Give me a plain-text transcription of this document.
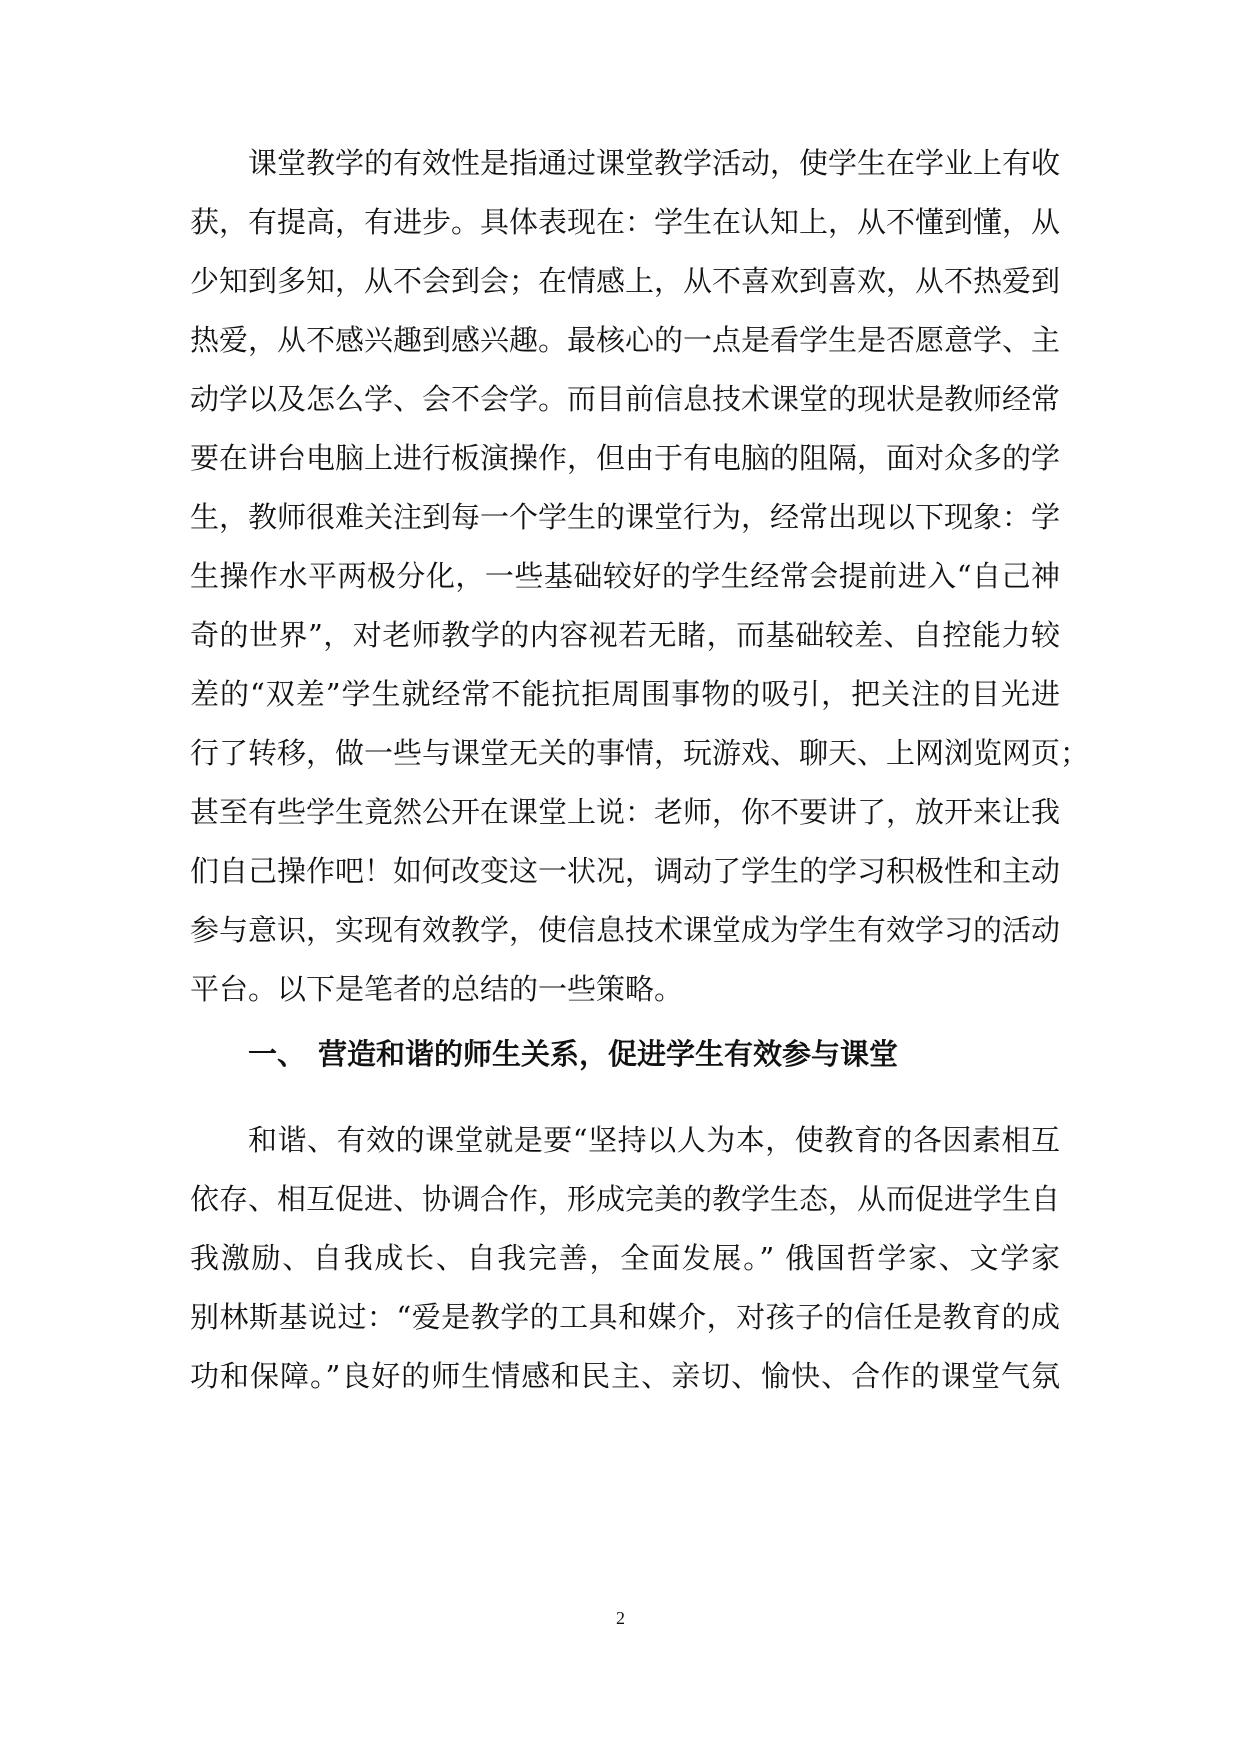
课堂教学的有效性是指通过课堂教学活动，使学生在学业上有收
获，有提高，有进步。具体表现在：学生在认知上，从不懂到懂，从
少知到多知，从不会到会；在情感上，从不喜欢到喜欢，从不热爱到
热爱，从不感兴趣到感兴趣。最核心的一点是看学生是否愿意学、主
动学以及怎么学、会不会学。而目前信息技术课堂的现状是教师经常
要在讲台电脑上进行板演操作，但由于有电脑的阻隔，面对众多的学
生，教师很难关注到每一个学生的课堂行为，经常出现以下现象：学
生操作水平两极分化，一些基础较好的学生经常会提前进入“自己神
奇的世界”，对老师教学的内容视若无睹，而基础较差、自控能力较
差的“双差”学生就经常不能抗拒周围事物的吸引，把关注的目光进
行了转移，做一些与课堂无关的事情，玩游戏、聊天、上网浏览网页；
甚至有些学生竟然公开在课堂上说：老师，你不要讲了，放开来让我
们自己操作吧！如何改变这一状况，调动了学生的学习积极性和主动
参与意识，实现有效教学，使信息技术课堂成为学生有效学习的活动
平台。以下是笔者的总结的一些策略。
一、 营造和谐的师生关系，促进学生有效参与课堂
和谐、有效的课堂就是要“坚持以人为本，使教育的各因素相互
依存、相互促进、协调合作，形成完美的教学生态，从而促进学生自
我激励、自我成长、自我完善，全面发展。” 俄国哲学家、文学家
别林斯基说过：“爱是教学的工具和媒介，对孩子的信任是教育的成
功和保障。”良好的师生情感和民主、亲切、愉快、合作的课堂气氛
2
